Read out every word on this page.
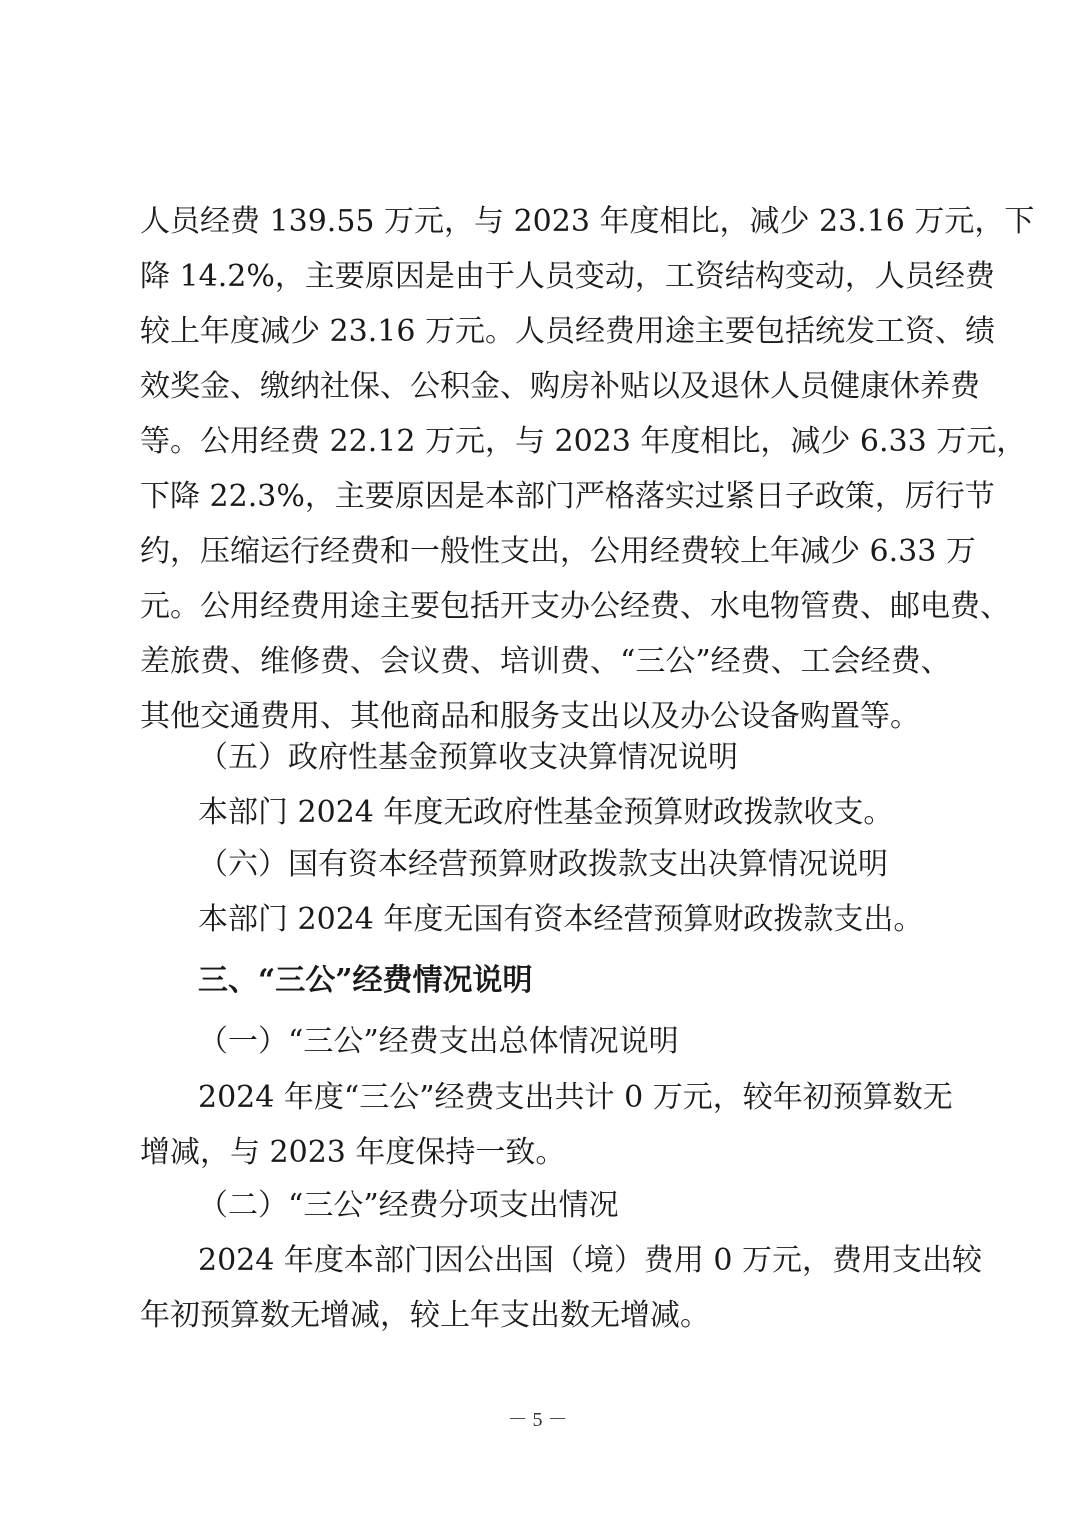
人员经费 139.55 万元，与 2023 年度相比，减少 23.16 万元，下
降 14.2%，主要原因是由于人员变动，工资结构变动，人员经费
较上年度减少 23.16 万元。人员经费用途主要包括统发工资、绩
效奖金、缴纳社保、公积金、购房补贴以及退休人员健康休养费
等。公用经费 22.12 万元，与 2023 年度相比，减少 6.33 万元，
下降 22.3%，主要原因是本部门严格落实过紧日子政策，厉行节
约，压缩运行经费和一般性支出，公用经费较上年减少 6.33 万
元。公用经费用途主要包括开支办公经费、水电物管费、邮电费、
差旅费、维修费、会议费、培训费、“三公”经费、工会经费、
其他交通费用、其他商品和服务支出以及办公设备购置等。
（五）政府性基金预算收支决算情况说明
本部门 2024 年度无政府性基金预算财政拨款收支。
（六）国有资本经营预算财政拨款支出决算情况说明
本部门 2024 年度无国有资本经营预算财政拨款支出。
三、“三公”经费情况说明
（一）“三公”经费支出总体情况说明
2024 年度“三公”经费支出共计 0 万元，较年初预算数无
增减，与 2023 年度保持一致。
（二）“三公”经费分项支出情况
2024 年度本部门因公出国（境）费用 0 万元，费用支出较
年初预算数无增减，较上年支出数无增减。
－ 5 －
